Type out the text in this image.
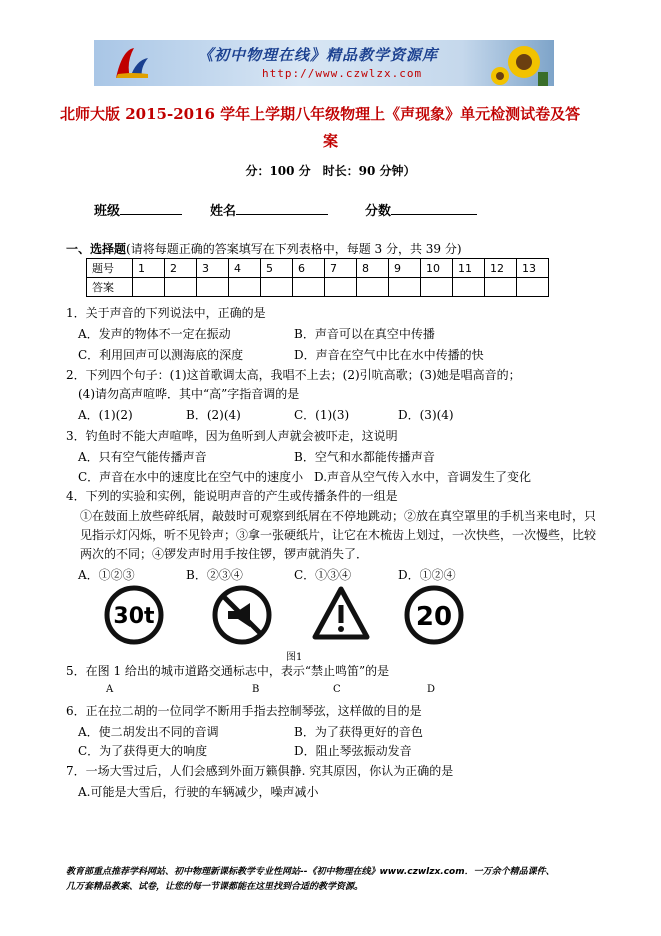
《初中物理在线》精品教学资源库
http://www.czwlzx.com
北师大版 2015-2016 学年上学期八年级物理上《声现象》单元检测试卷及答
案
分：100 分　时长：90 分钟）
班级	姓名	分数
一、选择题(请将每题正确的答案填写在下列表格中，每题 3 分，共 39 分)
题号	1	2	3	4	5	6	7	8	9	10	11	12	13
答案													
1．关于声音的下列说法中，正确的是
A．发声的物体不一定在振动	B．声音可以在真空中传播
C．利用回声可以测海底的深度	D．声音在空气中比在水中传播的快
2．下列四个句子：(1)这首歌调太高，我唱不上去；(2)引吭高歌；(3)她是唱高音的；
(4)请勿高声喧哗．其中“高”字指音调的是
A．(1)(2)	B．(2)(4)	C．(1)(3)	D．(3)(4)
3．钓鱼时不能大声喧哗，因为鱼听到人声就会被吓走，这说明
A．只有空气能传播声音	B．空气和水都能传播声音
C．声音在水中的速度比在空气中的速度小 D.声音从空气传入水中，音调发生了变化
4．下列的实验和实例，能说明声音的产生或传播条件的一组是
①在鼓面上放些碎纸屑，敲鼓时可观察到纸屑在不停地跳动；②放在真空罩里的手机当来电时，只
见指示灯闪烁，听不见铃声；③拿一张硬纸片，让它在木梳齿上划过，一次快些，一次慢些，比较
两次的不同；④锣发声时用手按住锣，锣声就消失了．
A．①②③	B．②③④	C．①③④	D．①②④
30t	20
图1
5．在图 1 给出的城市道路交通标志中，表示“禁止鸣笛”的是
A	B	C	D
6．正在拉二胡的一位同学不断用手指去控制琴弦，这样做的目的是
A．使二胡发出不同的音调	B．为了获得更好的音色
C．为了获得更大的响度	D．阻止琴弦振动发音
7．一场大雪过后，人们会感到外面万籁俱静. 究其原因，你认为正确的是
A.可能是大雪后，行驶的车辆减少，噪声减小
教育部重点推荐学科网站、初中物理新课标教学专业性网站--《初中物理在线》www.czwlzx.com．一万余个精品课件、
几万套精品教案、试卷，让您的每一节课都能在这里找到合适的教学资源。
